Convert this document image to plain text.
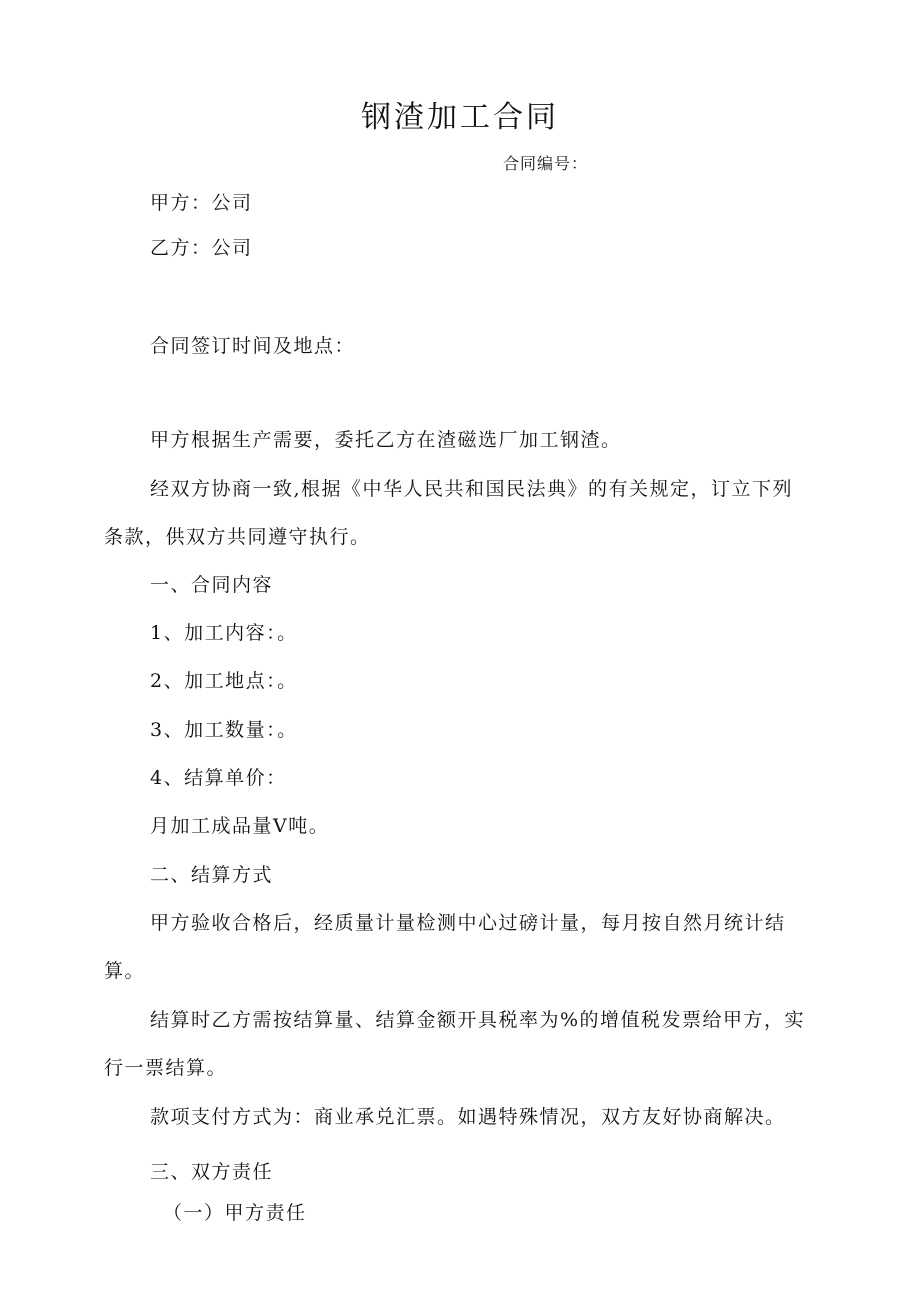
钢渣加工合同
合同编号：
甲方：公司
乙方：公司
合同签订时间及地点：
甲方根据生产需要，委托乙方在渣磁选厂加工钢渣。
经双方协商一致,根据《中华人民共和国民法典》的有关规定，订立下列
条款，供双方共同遵守执行。
一、合同内容
1、加工内容：。
2、加工地点：。
3、加工数量：。
4、结算单价：
月加工成品量V吨。
二、结算方式
甲方验收合格后，经质量计量检测中心过磅计量，每月按自然月统计结
算。
结算时乙方需按结算量、结算金额开具税率为%的增值税发票给甲方，实
行一票结算。
款项支付方式为：商业承兑汇票。如遇特殊情况，双方友好协商解决。
三、双方责任
（一）甲方责任
